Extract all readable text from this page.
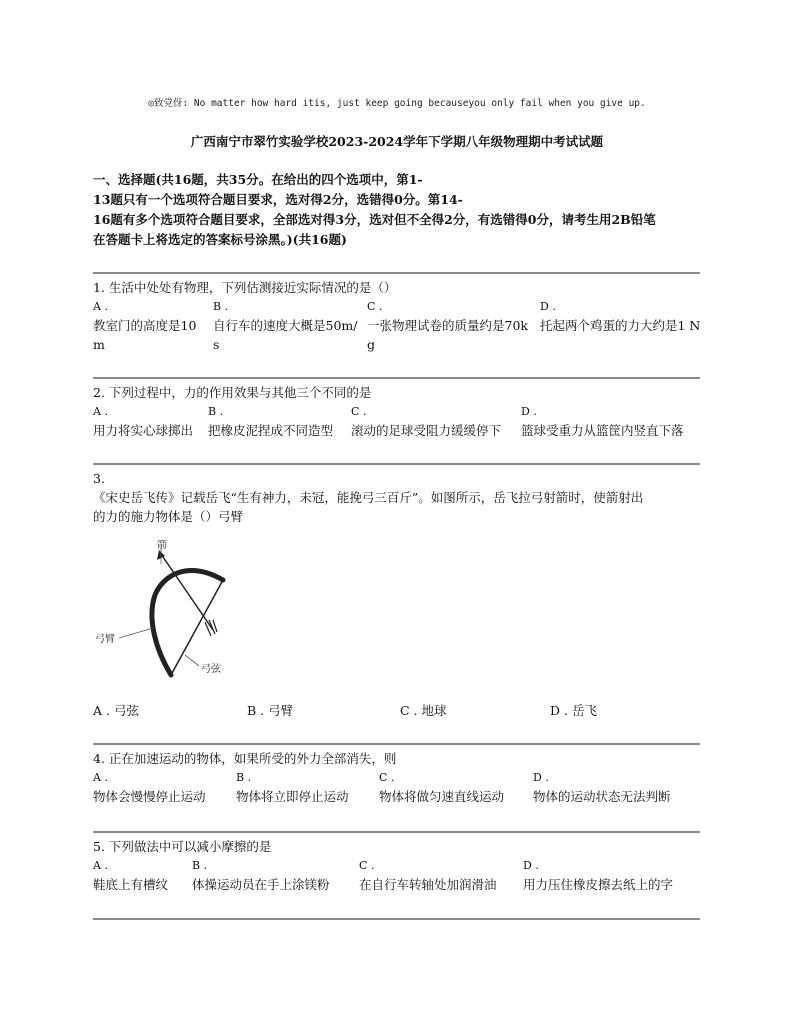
◎致党伢: No matter how hard itis, just keep going becauseyou only fail when you give up.
广西南宁市翠竹实验学校2023-2024学年下学期八年级物理期中考试试题
一、选择题(共16题，共35分。在给出的四个选项中，第1-
13题只有一个选项符合题目要求，选对得2分，选错得0分。第14-
16题有多个选项符合题目要求，全部选对得3分，选对但不全得2分，有选错得0分，请考生用2B铅笔
在答题卡上将选定的答案标号涂黑。)(共16题)
1. 生活中处处有物理，下列估测接近实际情况的是（）
A .
教室门的高度是10 m
B .
自行车的速度大概是50m/ s
C .
一张物理试卷的质量约是70k g
D .
托起两个鸡蛋的力大约是1 N
2. 下列过程中，力的作用效果与其他三个不同的是
A .
用力将实心球掷出
B .
把橡皮泥捏成不同造型
C .
滚动的足球受阻力缓缓停下
D .
篮球受重力从篮筐内竖直下落
3.
《宋史岳飞传》记载岳飞“生有神力，未冠，能挽弓三百斤”。如图所示，岳飞拉弓射箭时，使箭射出
的力的施力物体是（）弓臂
箭
弓臂
弓弦
A . 弓弦	B . 弓臂	C . 地球	D . 岳飞
4. 正在加速运动的物体，如果所受的外力全部消失，则
A .
物体会慢慢停止运动
B .
物体将立即停止运动
C .
物体将做匀速直线运动
D .
物体的运动状态无法判断
5. 下列做法中可以减小摩擦的是
A .
鞋底上有槽纹
B .
体操运动员在手上涂镁粉
C .
在自行车转轴处加润滑油
D .
用力压住橡皮擦去纸上的字
